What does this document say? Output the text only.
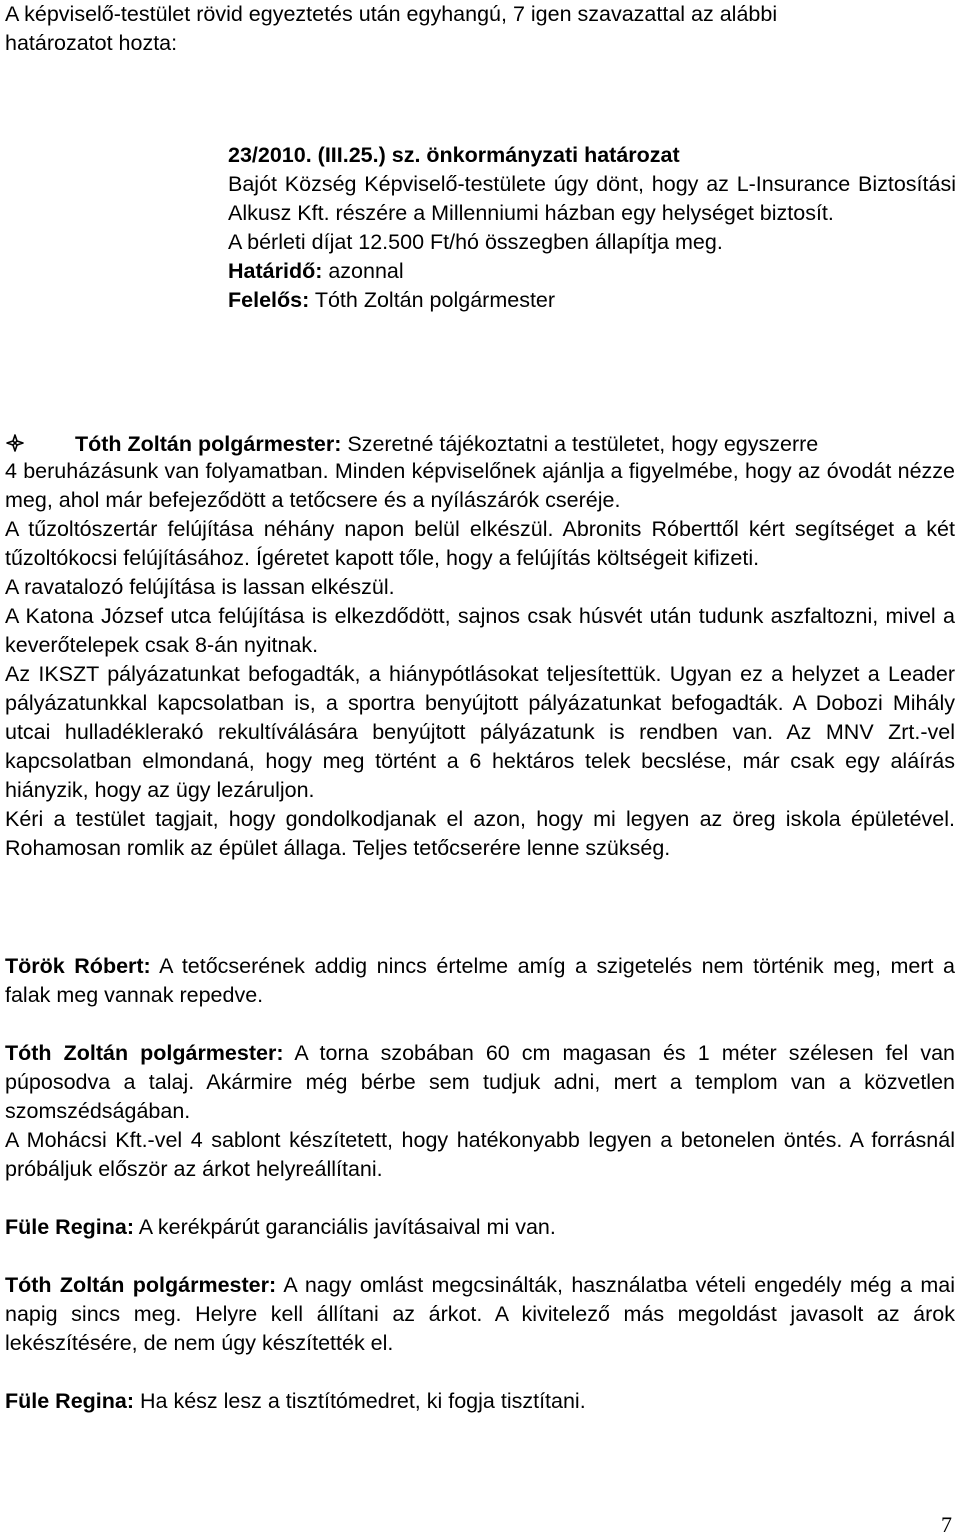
A képviselő-testület rövid egyeztetés után egyhangú, 7 igen szavazattal az alábbi

határozatot hozta:

23/2010. (III.25.) sz. önkormányzati határozat

Bajót Község Képviselő-testülete úgy dönt, hogy az L-Insurance Biztosítási Alkusz Kft. részére a Millenniumi házban egy helységet biztosít.

A bérleti díjat 12.500 Ft/hó összegben állapítja meg.

Határidő: azonnal

Felelős: Tóth Zoltán polgármester

Tóth Zoltán polgármester: Szeretné tájékoztatni a testületet, hogy egyszerre

4 beruházásunk van folyamatban. Minden képviselőnek ajánlja a figyelmébe, hogy az óvodát nézze meg, ahol már befejeződött a tetőcsere és a nyílászárók cseréje.

A tűzoltószertár felújítása néhány napon belül elkészül. Abronits Róberttől kért segítséget a két tűzoltókocsi felújításához. Ígéretet kapott tőle, hogy a felújítás költségeit kifizeti.

A ravatalozó felújítása is lassan elkészül.

A Katona József utca felújítása is elkezdődött, sajnos csak húsvét után tudunk aszfaltozni, mivel a keverőtelepek csak 8-án nyitnak.

Az IKSZT pályázatunkat befogadták, a hiánypótlásokat teljesítettük. Ugyan ez a helyzet a Leader pályázatunkkal kapcsolatban is, a sportra benyújtott pályázatunkat befogadták. A Dobozi Mihály utcai hulladéklerakó rekultíválására benyújtott pályázatunk is rendben van. Az MNV Zrt.-vel kapcsolatban elmondaná, hogy meg történt a 6 hektáros telek becslése, már csak egy aláírás hiányzik, hogy az ügy lezáruljon.

Kéri a testület tagjait, hogy gondolkodjanak el azon, hogy mi legyen az öreg iskola épületével. Rohamosan romlik az épület állaga. Teljes tetőcserére lenne szükség.

Török Róbert: A tetőcserének addig nincs értelme amíg a szigetelés nem történik meg, mert a falak meg vannak repedve.

Tóth Zoltán polgármester: A torna szobában 60 cm magasan és 1 méter szélesen fel van púposodva a talaj. Akármire még bérbe sem tudjuk adni, mert a templom van a közvetlen szomszédságában.

A Mohácsi Kft.-vel 4 sablont készítetett, hogy hatékonyabb legyen a betonelen öntés. A forrásnál próbáljuk először az árkot helyreállítani.

Füle Regina: A kerékpárút garanciális javításaival mi van.

Tóth Zoltán polgármester: A nagy omlást megcsinálták, használatba vételi engedély még a mai napig sincs meg. Helyre kell állítani az árkot. A kivitelező más megoldást javasolt az árok lekészítésére, de nem úgy készítették el.

Füle Regina: Ha kész lesz a tisztítómedret, ki fogja tisztítani.

7
